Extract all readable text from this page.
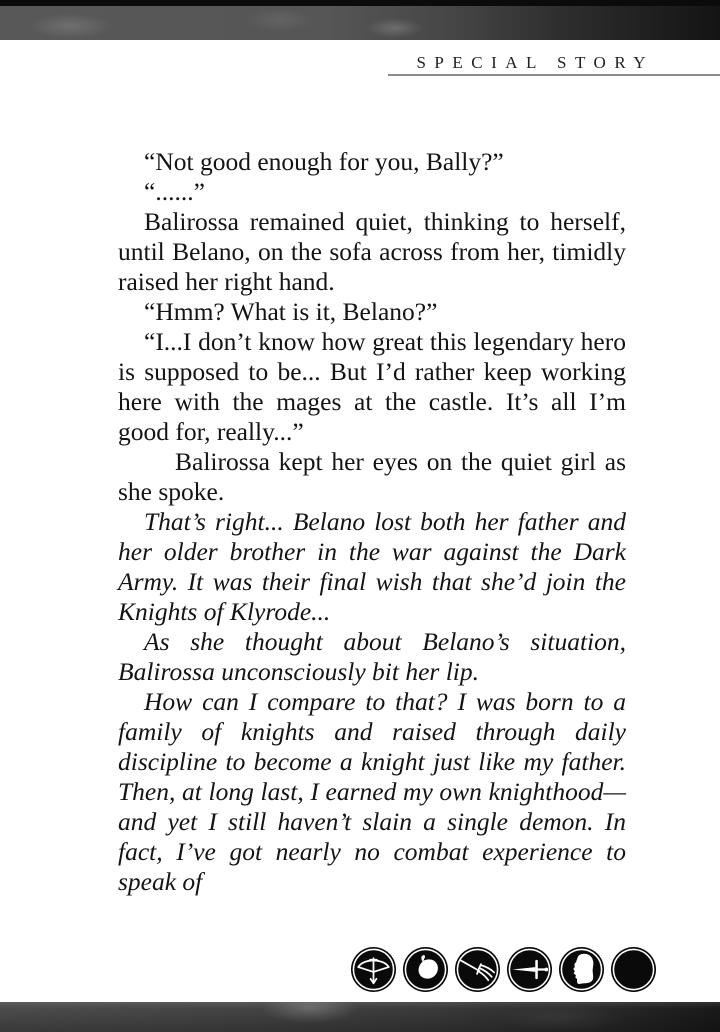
SPECIAL STORY

“Not good enough for you, Bally?”

“......”

Balirossa remained quiet, thinking to herself, until Belano, on the sofa across from her, timidly raised her right hand.

“Hmm? What is it, Belano?”

“I...I don’t know how great this legendary hero is supposed to be... But I’d rather keep working here with the mages at the castle. It’s all I’m good for, really...”

Balirossa kept her eyes on the quiet girl as she spoke.

That’s right... Belano lost both her father and her older brother in the war against the Dark Army. It was their final wish that she’d join the Knights of Klyrode...

As she thought about Belano’s situation, Balirossa unconsciously bit her lip.

How can I compare to that? I was born to a family of knights and raised through daily discipline to become a knight just like my father. Then, at long last, I earned my own knighthood—and yet I still haven’t slain a single demon. In fact, I’ve got nearly no combat experience to speak of
